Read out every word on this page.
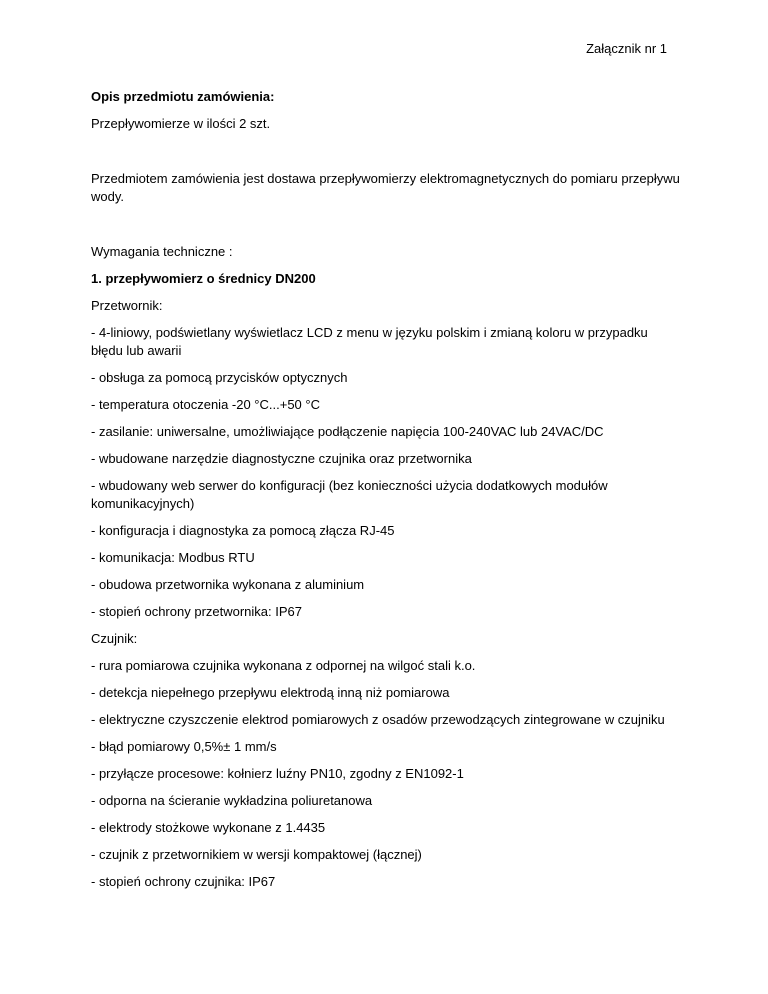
Załącznik nr 1

Opis przedmiotu zamówienia:

Przepływomierze w ilości 2 szt.

Przedmiotem zamówienia jest dostawa przepływomierzy elektromagnetycznych do pomiaru przepływu wody.

Wymagania techniczne :

1. przepływomierz o średnicy DN200

Przetwornik:

- 4-liniowy, podświetlany wyświetlacz LCD z menu w języku polskim i zmianą koloru w przypadku błędu lub awarii

- obsługa za pomocą przycisków optycznych

- temperatura otoczenia -20 °C...+50 °C

- zasilanie: uniwersalne, umożliwiające podłączenie napięcia 100-240VAC lub 24VAC/DC

- wbudowane narzędzie diagnostyczne czujnika oraz przetwornika

- wbudowany web serwer do konfiguracji (bez konieczności użycia dodatkowych modułów komunikacyjnych)

- konfiguracja i diagnostyka za pomocą złącza RJ-45

- komunikacja: Modbus RTU

- obudowa przetwornika wykonana z aluminium

- stopień ochrony przetwornika: IP67

Czujnik:

- rura pomiarowa czujnika wykonana z odpornej na wilgoć stali k.o.

- detekcja niepełnego przepływu elektrodą inną niż pomiarowa

- elektryczne czyszczenie elektrod pomiarowych z osadów przewodzących zintegrowane w czujniku

- błąd pomiarowy 0,5%± 1 mm/s

- przyłącze procesowe: kołnierz luźny PN10, zgodny z EN1092-1

- odporna na ścieranie wykładzina poliuretanowa

- elektrody stożkowe wykonane z 1.4435

- czujnik z przetwornikiem w wersji kompaktowej (łącznej)

- stopień ochrony czujnika: IP67
